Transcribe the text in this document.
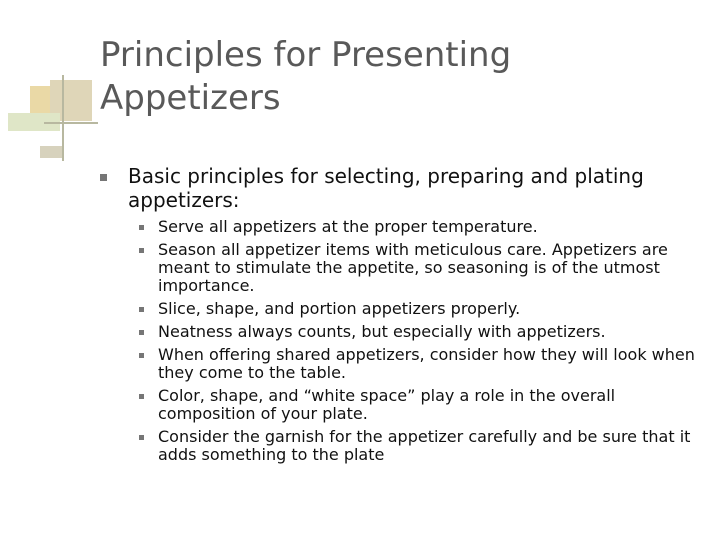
Principles for Presenting Appetizers
Basic principles for selecting, preparing and plating appetizers:
Serve all appetizers at the proper temperature.
Season all appetizer items with meticulous care. Appetizers are meant to stimulate the appetite, so seasoning is of the utmost importance.
Slice, shape, and portion appetizers properly.
Neatness always counts, but especially with appetizers.
When offering shared appetizers, consider how they will look when they come to the table.
Color, shape, and “white space” play a role in the overall composition of your plate.
Consider the garnish for the appetizer carefully and be sure that it adds something to the plate
